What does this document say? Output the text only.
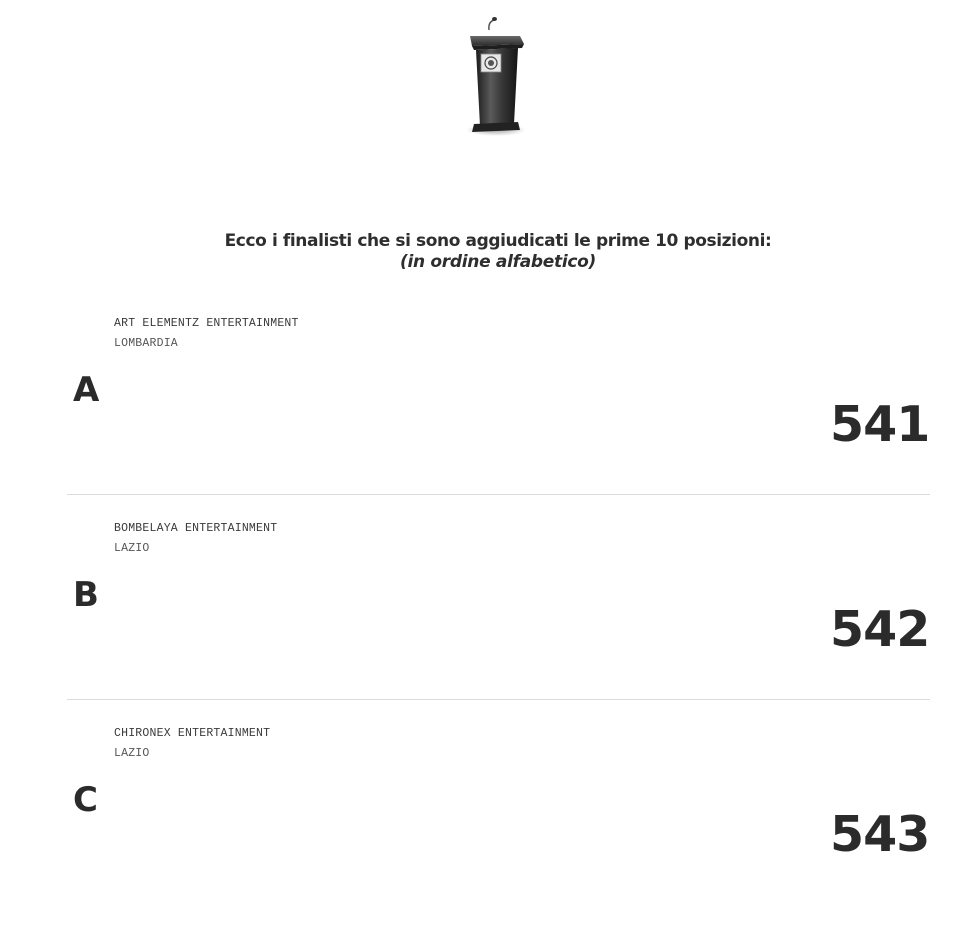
Ecco i finalisti che si sono aggiudicati le prime 10 posizioni:
(in ordine alfabetico)
ART ELEMENTZ ENTERTAINMENT
LOMBARDIA
A
541
BOMBELAYA ENTERTAINMENT
LAZIO
B
542
CHIRONEX ENTERTAINMENT
LAZIO
C
543
